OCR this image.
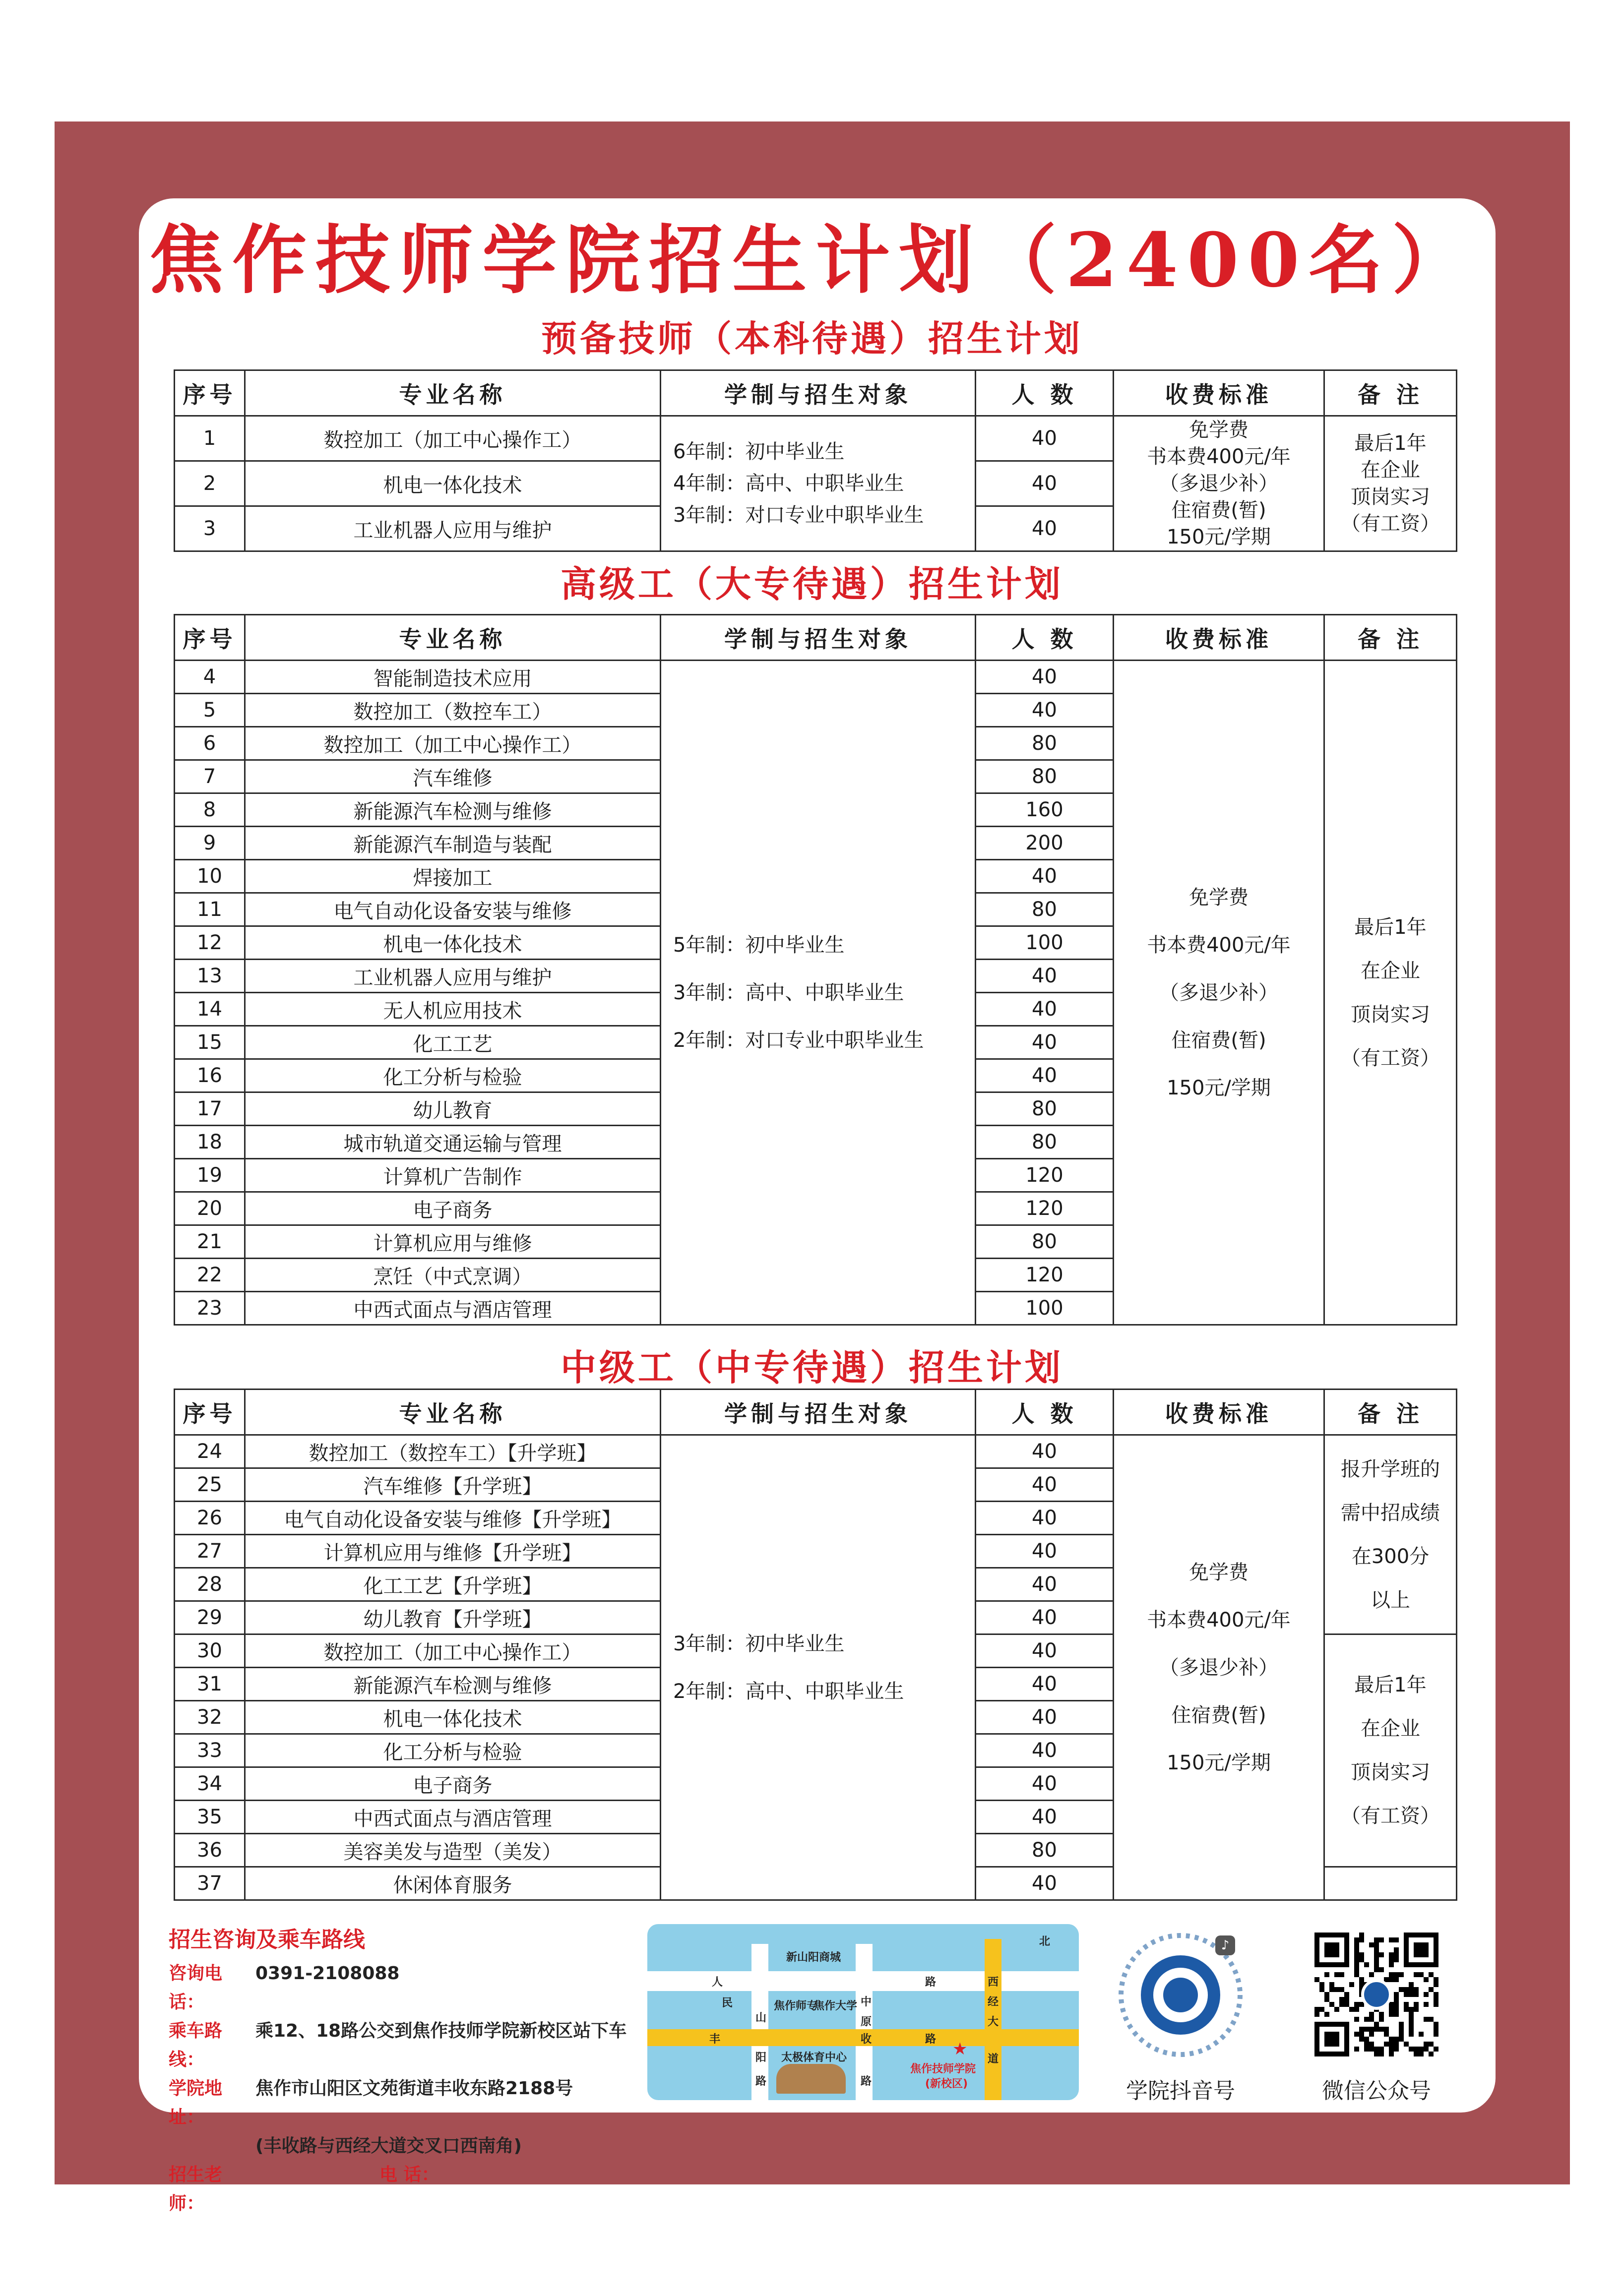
焦作技师学院招生计划（2400名）
预备技师（本科待遇）招生计划
高级工（大专待遇）招生计划
中级工（中专待遇）招生计划
序号	专业名称	学制与招生对象	人 数	收费标准	备 注
1	数控加工（加工中心操作工）	6年制：初中毕业生
4年制：高中、中职毕业生
3年制：对口专业中职毕业生	40	免学费
书本费400元/年
（多退少补）
住宿费(暂)
150元/学期	最后1年
在企业
顶岗实习
（有工资）

2	机电一体化技术		40		
3	工业机器人应用与维护		40		
序号	专业名称	学制与招生对象	人 数	收费标准	备 注
4	智能制造技术应用	5年制：初中毕业生
3年制：高中、中职毕业生
2年制：对口专业中职毕业生	40	免学费
书本费400元/年
（多退少补）
住宿费(暂)
150元/学期	最后1年
在企业
顶岗实习
（有工资）

5	数控加工（数控车工）		40		
6	数控加工（加工中心操作工）		80		
7	汽车维修		80		
8	新能源汽车检测与维修		160		
9	新能源汽车制造与装配		200		
10	焊接加工		40		
11	电气自动化设备安装与维修		80		
12	机电一体化技术		100		
13	工业机器人应用与维护		40		
14	无人机应用技术		40		
15	化工工艺		40		
16	化工分析与检验		40		
17	幼儿教育		80		
18	城市轨道交通运输与管理		80		
19	计算机广告制作		120		
20	电子商务		120		
21	计算机应用与维修		80		
22	烹饪（中式烹调）		120		
23	中西式面点与酒店管理		100		
序号	专业名称	学制与招生对象	人 数	收费标准	备 注
24	数控加工（数控车工）【升学班】	3年制：初中毕业生
2年制：高中、中职毕业生	40	免学费
书本费400元/年
（多退少补）
住宿费(暂)
150元/学期	报升学班的
需中招成绩
在300分
以上

25	汽车维修【升学班】		40		
26	电气自动化设备安装与维修【升学班】		40		
27	计算机应用与维修【升学班】		40		
28	化工工艺【升学班】		40		
29	幼儿教育【升学班】		40		
30	数控加工（加工中心操作工）		40		最后1年
在企业
顶岗实习
（有工资）

31	新能源汽车检测与维修		40		
32	机电一体化技术		40		
33	化工分析与检验		40		
34	电子商务		40		
35	中西式面点与酒店管理		40		
36	美容美发与造型（美发）		80		
37	休闲体育服务		40		
招生咨询及乘车路线
咨询电话：
0391-2108088
乘车路线：
乘12、18路公交到焦作技师学院新校区站下车
学院地址：
焦作市山阳区文苑街道丰收东路2188号
(丰收路与西经大道交叉口西南角)
招生老师：
电 话：
北
新山阳商城
人
民
路
中
西
经
大
道
山
阳
路
丰	收	路
原
路
焦作师专
焦作大学
太极体育中心	★
焦作技师学院
(新校区)
♪
学院抖音号	微信公众号
